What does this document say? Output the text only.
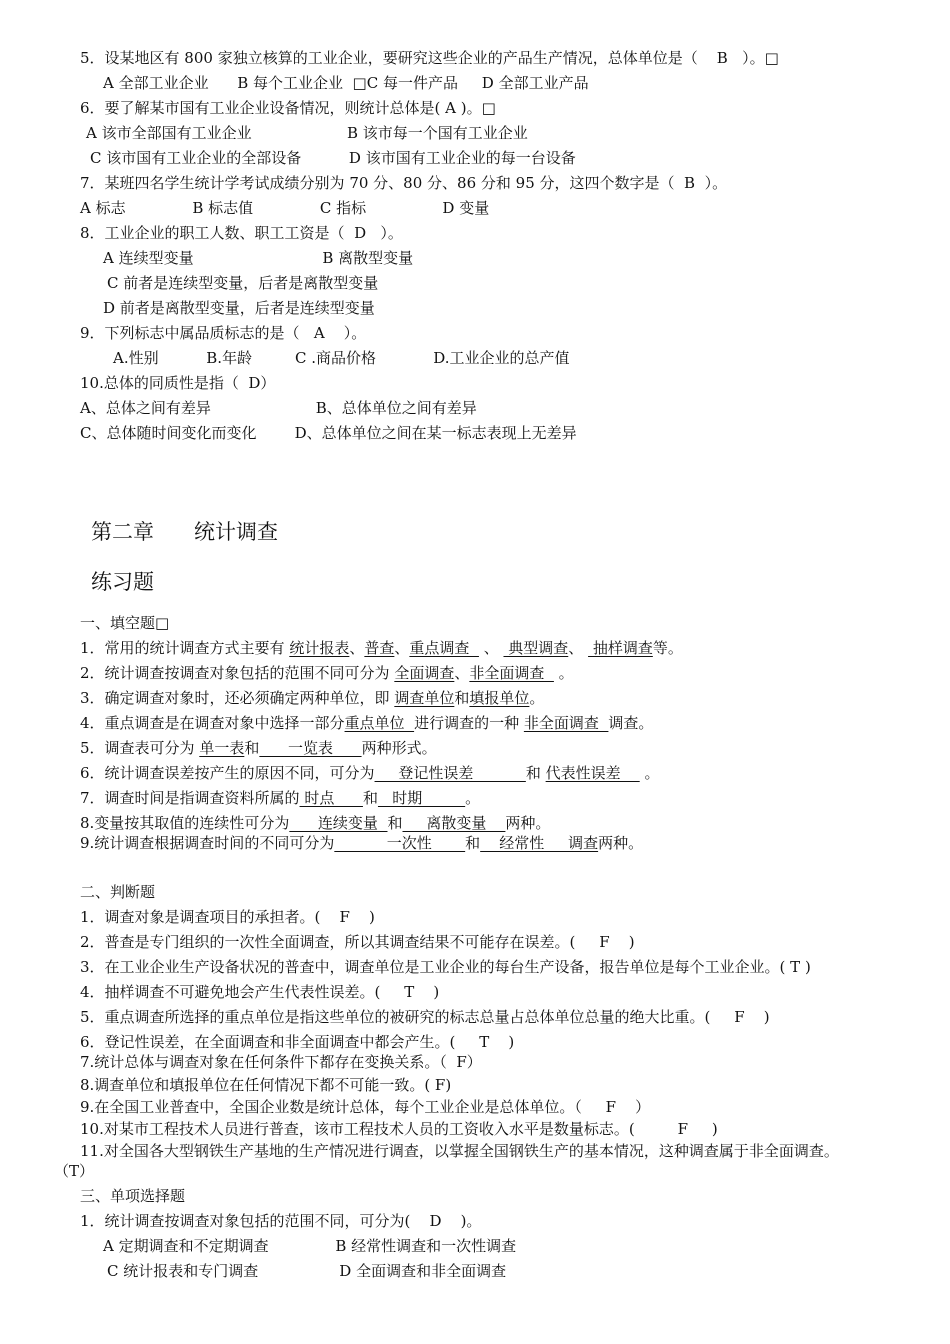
5．设某地区有 800 家独立核算的工业企业，要研究这些企业的产品生产情况，总体单位是（    B   ）。□
A 全部工业企业      B 每个工业企业  □C 每一件产品     D 全部工业产品
6．要了解某市国有工业企业设备情况，则统计总体是( A )。□
A 该市全部国有工业企业                    B 该市每一个国有工业企业
C 该市国有工业企业的全部设备          D 该市国有工业企业的每一台设备
7．某班四名学生统计学考试成绩分别为 70 分、80 分、86 分和 95 分，这四个数字是（  B  ）。
A 标志              B 标志值              C 指标                D 变量
8．工业企业的职工人数、职工工资是（  D   ）。
A 连续型变量                           B 离散型变量
C 前者是连续型变量，后者是离散型变量
D 前者是离散型变量，后者是连续型变量
9．下列标志中属品质标志的是（   A    ）。
A.性别          B.年龄         C .商品价格            D.工业企业的总产值
10.总体的同质性是指（  D）
A、总体之间有差异                      B、总体单位之间有差异
C、总体随时间变化而变化        D、总体单位之间在某一标志表现上无差异
第二章      统计调查
练习题
一、填空题□
1．常用的统计调查方式主要有 统计报表、普查、重点调查   、  典型调查、  抽样调查等。
2．统计调查按调查对象包括的范围不同可分为 全面调查、非全面调查   。
3．确定调查对象时，还必须确定两种单位，即 调查单位和填报单位。
4．重点调查是在调查对象中选择一部分重点单位  进行调查的一种 非全面调查  调查。
5．调查表可分为 单一表和      一览表      两种形式。
6．统计调查误差按产生的原因不同，可分为     登记性误差           和 代表性误差     。
7．调查时间是指调查资料所属的 时点      和   时期         。
8.变量按其取值的连续性可分为      连续变量  和     离散变量    两种。
9.统计调查根据调查时间的不同可分为           一次性       和    经常性     调查两种。
二、判断题
1．调查对象是调查项目的承担者。(    F    )
2．普查是专门组织的一次性全面调查，所以其调查结果不可能存在误差。(     F    )
3．在工业企业生产设备状况的普查中，调查单位是工业企业的每台生产设备，报告单位是每个工业企业。( T )
4．抽样调查不可避免地会产生代表性误差。(     T    )
5．重点调查所选择的重点单位是指这些单位的被研究的标志总量占总体单位总量的绝大比重。(     F    )
6．登记性误差，在全面调查和非全面调查中都会产生。(     T    )
7.统计总体与调查对象在任何条件下都存在变换关系。（  F）
8.调查单位和填报单位在任何情况下都不可能一致。( F)
9.在全国工业普查中，全国企业数是统计总体，每个工业企业是总体单位。（     F    ）
10.对某市工程技术人员进行普查，该市工程技术人员的工资收入水平是数量标志。(         F     )
11.对全国各大型钢铁生产基地的生产情况进行调查，以掌握全国钢铁生产的基本情况，这种调查属于非全面调查。
（T）
三、单项选择题
1．统计调查按调查对象包括的范围不同，可分为(    D    )。
A 定期调查和不定期调查              B 经常性调查和一次性调查
C 统计报表和专门调查                 D 全面调查和非全面调查
